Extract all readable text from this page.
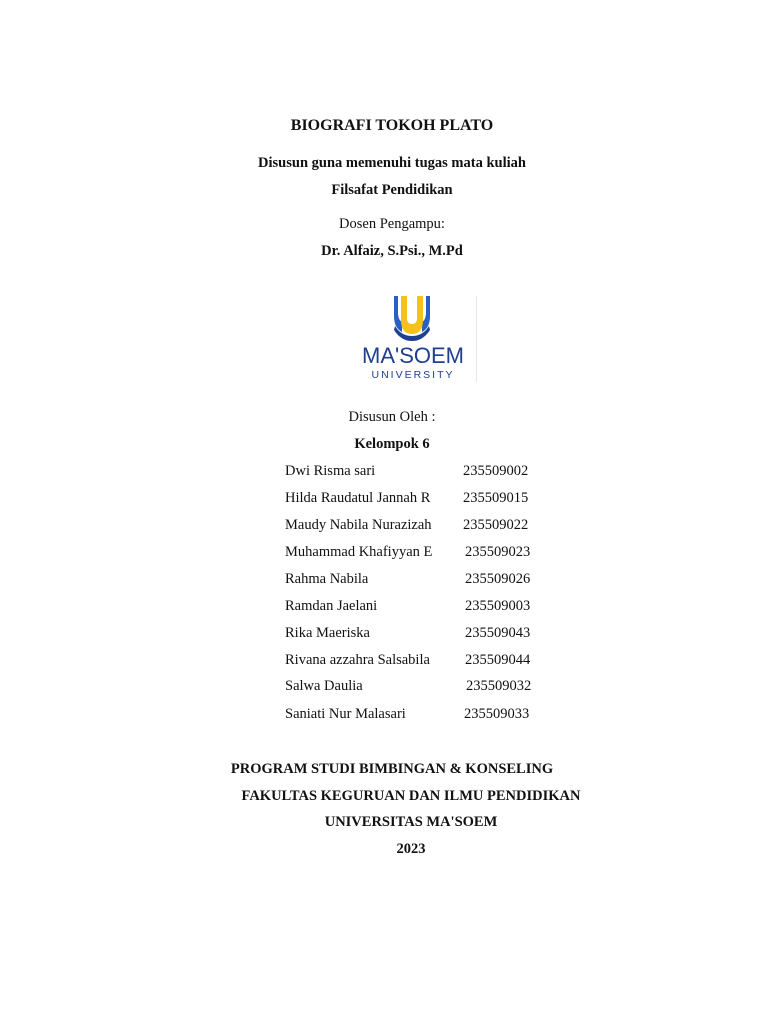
BIOGRAFI TOKOH PLATO
Disusun guna memenuhi tugas mata kuliah
Filsafat Pendidikan
Dosen Pengampu:
Dr. Alfaiz, S.Psi., M.Pd
MA'SOEM
UNIVERSITY
Disusun Oleh :
Kelompok 6
Dwi Risma sari	235509002
Hilda Raudatul Jannah R 235509015
Maudy Nabila Nurazizah 235509022
Muhammad Khafiyyan E 235509023
Rahma Nabila	235509026
Ramdan Jaelani	235509003
Rika Maeriska	235509043
Rivana azzahra Salsabila 235509044
Salwa Daulia	235509032
Saniati Nur Malasari	235509033
PROGRAM STUDI BIMBINGAN & KONSELING
FAKULTAS KEGURUAN DAN ILMU PENDIDIKAN
UNIVERSITAS MA'SOEM
2023
